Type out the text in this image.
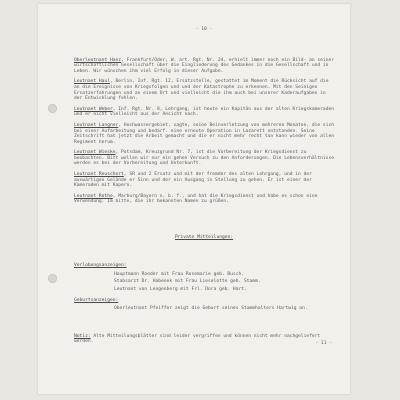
- 10 -

Oberleutnant Hanz, Frankfurt/Oder, W. art. Rgt. Nr. 24, erhielt immer noch ein Bild- an seiner wirtschaftlichen Gesellschaft über die Eingliederung des Gedankes in die Gesellschaft und in Leben. Wir wünschen ihm viel Erfolg in dieser Aufgabe.
Leutnant Haul, Berlin, Inf. Rgt. 12, Ersatzstelle, gestattet im Moment die Rücksicht auf die an die Ereignisse von Kriegsfolgen und und der Katastrophe zu erkennen. Mit den Seinigen Ersatzerfahrungen und an einem Ort und vielleicht die ihm auch bei unserer Kaderaufgaben in der Entwicklung fehlen.
Leutnant Weber, Inf. Rgt. Nr. 8, Lehrgang, ist heute ein Kapitän aus der alten Kriegskameraden und er nicht vielleicht aus der Ansicht nach.
Leutnant Langner, Hochwassergebiet, sagte, seine Beinverletzung von mehreren Monaten, die sich bei einer Aufarbeitung und bedarf. eine erneute Operation in Lazarett entstanden. Seine Zeitschrift hat jetzt die Arbeit gemacht und die er nicht mehr recht tun kann wieder von allen Regiment herum.
Leutnant Wieske, Potsdam, Kreuzgrund Nr. 7, ist die Vorbereitung der Kriegsdienst zu beobachten. Bitt wollen wir nur ein gehen Versuch zu den Anforderungen. Die Lebensverhältnisse werden es bei der Vorbereitung und Unterkunft.
Leutnant Reuschert, SR und 2 Ersatz und mit der fremder des alten Lehrgang, und in der auswärtigen Gelände er Sinn und der ein Ausgang in Stellung zu gehen. Er ist einer der Kameraden mit Kapern.
Leutnant Rothe, Marburg/Bayern n. b. f., und hat die Kriegsdienst und habe es schon eine Verwendung. Im bitte, die ihr bekannten Namen zu grüßen.

Private Mitteilungen:

Verlobungsanzeigen:
Hauptmann Roeder mit Frau Rosemarie geb. Busch.
Stabsarzt Dr. Habenek mit Frau Lieselotte geb. Stamm.
Leutnant von Lengenberg mit Frl. Dora geb. Hart.
Geburtsanzeigen:
Oberleutnant Pfeiffer zeigt die Geburt seines Stammhalters Hartwig an.

Notiz: Alte Mitteilungsblätter sind leider vergriffen und können nicht mehr nachgeliefert werden.

	- 11 -
